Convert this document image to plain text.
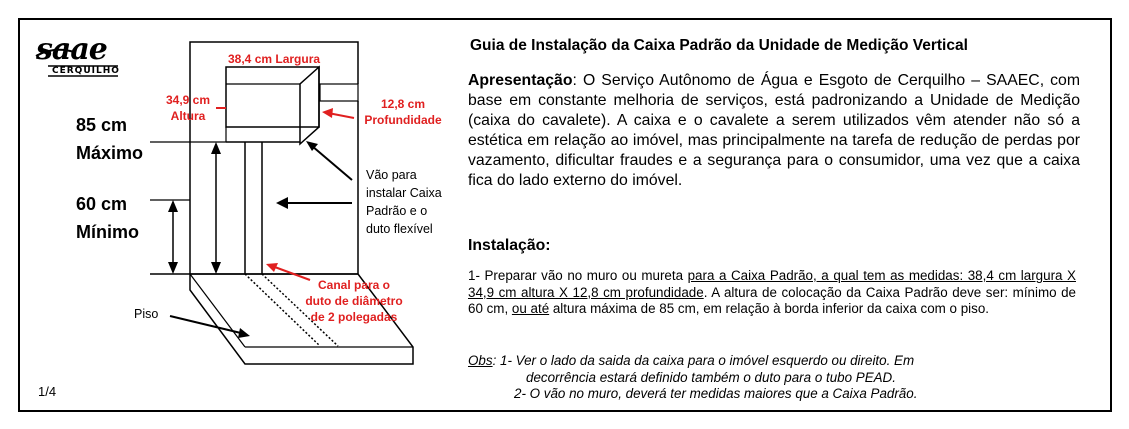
saae
CERQUILHO
38,4 cm Largura
34,9 cm Altura
12,8 cm Profundidade
85 cm Máximo
60 cm Mínimo
Vão para instalar Caixa Padrão e o duto flexível
Canal para o duto de diâmetro de 2 polegadas
Piso
1/4
Guia de Instalação da Caixa Padrão da Unidade de Medição Vertical
Apresentação: O Serviço Autônomo de Água e Esgoto de Cerquilho – SAAEC, com base em constante melhoria de serviços, está padronizando a Unidade de Medição (caixa do cavalete). A caixa e o cavalete a serem utilizados vêm atender não só a estética em relação ao imóvel, mas principalmente na tarefa de redução de perdas por vazamento, dificultar fraudes e a segurança para o consumidor, uma vez que a caixa fica do lado externo do imóvel.
Instalação:
1- Preparar vão no muro ou mureta para a Caixa Padrão, a qual tem as medidas: 38,4 cm largura X 34,9 cm altura X 12,8 cm profundidade. A altura de colocação da Caixa Padrão deve ser: mínimo de 60 cm, ou até altura máxima de 85 cm, em relação à borda inferior da caixa com o piso.
Obs: 1- Ver o lado da saida da caixa para o imóvel esquerdo ou direito. Em
decorrência estará definido também o duto para o tubo PEAD.
2- O vão no muro, deverá ter medidas maiores que a Caixa Padrão.
